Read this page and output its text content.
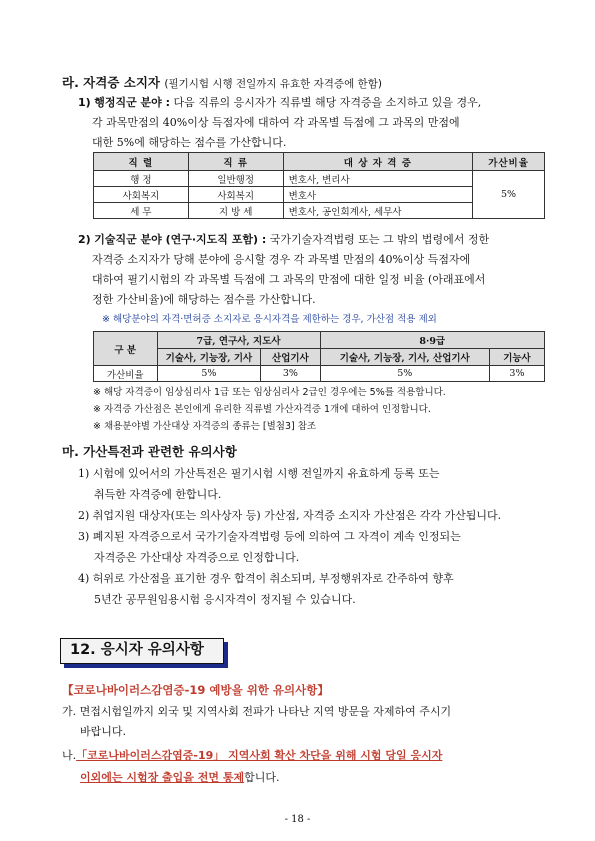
라. 자격증 소지자 (필기시험 시행 전일까지 유효한 자격증에 한함)
1) 행정직군 분야 : 다음 직류의 응시자가 직류별 해당 자격증을 소지하고 있을 경우,
각 과목만점의 40%이상 득점자에 대하여 각 과목별 득점에 그 과목의 만점에
대한 5%에 해당하는 점수를 가산합니다.
직 렬	직 류	대 상 자 격 증	가산비율
행 정	일반행정	변호사, 변리사	5%
사회복지	사회복지	변호사	
세 무	지 방 세	변호사, 공인회계사, 세무사	
2) 기술직군 분야 (연구·지도직 포함) : 국가기술자격법령 또는 그 밖의 법령에서 정한
자격증 소지자가 당해 분야에 응시할 경우 각 과목별 만점의 40%이상 득점자에
대하여 필기시험의 각 과목별 득점에 그 과목의 만점에 대한 일정 비율 (아래표에서
정한 가산비율)에 해당하는 점수를 가산합니다.
※ 해당분야의 자격·면허증 소지자로 응시자격을 제한하는 경우, 가산점 적용 제외
구 분	7급, 연구사, 지도사		8·9급	
	기술사, 기능장, 기사	산업기사	기술사, 기능장, 기사, 산업기사	기능사
가산비율	5%	3%	5%	3%
※ 해당 자격증이 임상심리사 1급 또는 임상심리사 2급인 경우에는 5%를 적용합니다.
※ 자격증 가산점은 본인에게 유리한 직류별 가산자격증 1개에 대하여 인정합니다.
※ 채용분야별 가산대상 자격증의 종류는 [별첨3] 참조
마. 가산특전과 관련한 유의사항
1) 시험에 있어서의 가산특전은 필기시험 시행 전일까지 유효하게 등록 또는
취득한 자격증에 한합니다.
2) 취업지원 대상자(또는 의사상자 등) 가산점, 자격증 소지자 가산점은 각각 가산됩니다.
3) 폐지된 자격증으로서 국가기술자격법령 등에 의하여 그 자격이 계속 인정되는
자격증은 가산대상 자격증으로 인정합니다.
4) 허위로 가산점을 표기한 경우 합격이 취소되며, 부정행위자로 간주하여 향후
5년간 공무원임용시험 응시자격이 정지될 수 있습니다.
12. 응시자 유의사항
【코로나바이러스감염증-19 예방을 위한 유의사항】
가. 면접시험일까지 외국 및 지역사회 전파가 나타난 지역 방문을 자제하여 주시기
바랍니다.
나.「코로나바이러스감염증-19」 지역사회 확산 차단을 위해 시험 당일 응시자
이외에는 시험장 출입을 전면 통제합니다.
- 18 -
